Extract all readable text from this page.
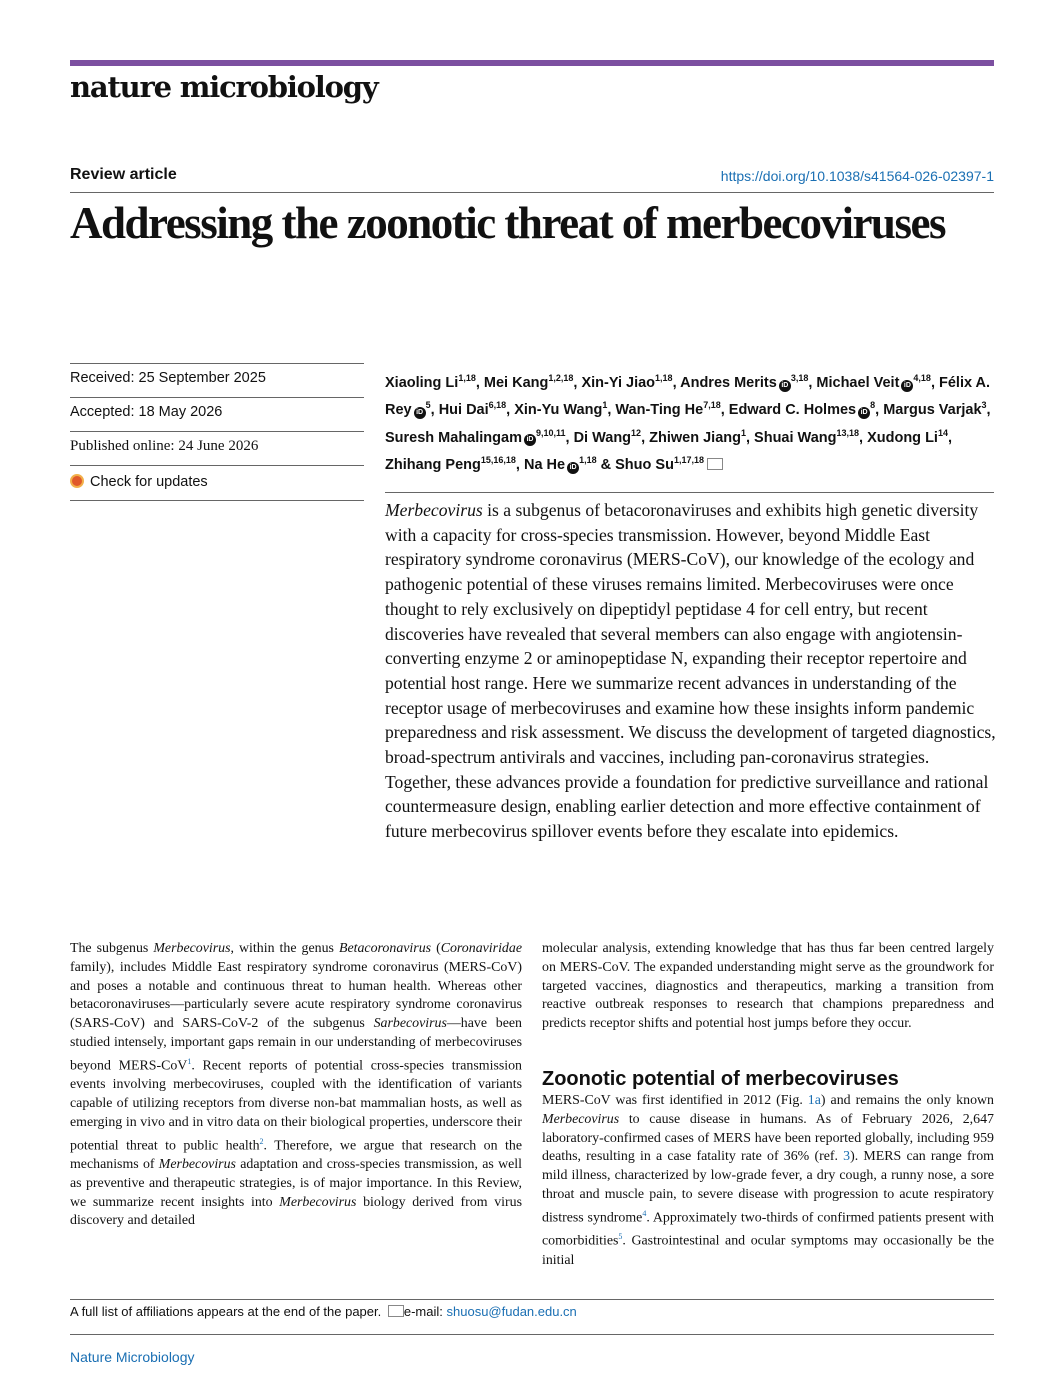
nature microbiology
Review article	https://doi.org/10.1038/s41564-026-02397-1
Addressing the zoonotic threat of merbecoviruses
Received: 25 September 2025
Accepted: 18 May 2026
Published online: 24 June 2026
Check for updates
Xiaoling Li$^{1,18}$, Mei Kang$^{1,2,18}$, Xin-Yi Jiao$^{1,18}$, Andres Merits iD$^{3,18}$, Michael Veit iD$^{4,18}$, Félix A. Rey $iD^5$, Hui Dai$^{6,18}$, Xin-Yu Wang$^1$, Wan-Ting He$^{7,18}$, Edward C. Holmes $iD^8$, Margus Varjak$^3$, Suresh Mahalingam iD$^{9,10,11}$, Di Wang$^{12}$, Zhiwen Jiang$^1$, Shuai Wang$^{13,18}$, Xudong Li$^{14}$, Zhihang Peng$^{15,16,18}$, Na He iD$^{1,18}$ & Shuo Su$^{1,17,18}$
Merbecovirus is a subgenus of betacoronaviruses and exhibits high genetic diversity with a capacity for cross-species transmission. However, beyond Middle East respiratory syndrome coronavirus (MERS-CoV), our knowledge of the ecology and pathogenic potential of these viruses remains limited. Merbecoviruses were once thought to rely exclusively on dipeptidyl peptidase 4 for cell entry, but recent discoveries have revealed that several members can also engage with angiotensin-converting enzyme 2 or aminopeptidase N, expanding their receptor repertoire and potential host range. Here we summarize recent advances in understanding of the receptor usage of merbecoviruses and examine how these insights inform pandemic preparedness and risk assessment. We discuss the development of targeted diagnostics, broad-spectrum antivirals and vaccines, including pan-coronavirus strategies. Together, these advances provide a foundation for predictive surveillance and rational countermeasure design, enabling earlier detection and more effective containment of future merbecovirus spillover events before they escalate into epidemics.
The subgenus Merbecovirus, within the genus Betacoronavirus (Coronaviridae family), includes Middle East respiratory syndrome coronavirus (MERS-CoV) and poses a notable and continuous threat to human health. Whereas other betacoronaviruses—particularly severe acute respiratory syndrome coronavirus (SARS-CoV) and SARS-CoV-2 of the subgenus Sarbecovirus—have been studied intensely, important gaps remain in our understanding of merbecoviruses beyond MERS-CoV$^1$. Recent reports of potential cross-species transmission events involving merbecoviruses, coupled with the identification of variants capable of utilizing receptors from diverse non-bat mammalian hosts, as well as emerging in vivo and in vitro data on their biological properties, underscore their potential threat to public health$^2$. Therefore, we argue that research on the mechanisms of Merbecovirus adaptation and cross-species transmission, as well as preventive and therapeutic strategies, is of major importance. In this Review, we summarize recent insights into Merbecovirus biology derived from virus discovery and detailed
molecular analysis, extending knowledge that has thus far been centred largely on MERS-CoV. The expanded understanding might serve as the groundwork for targeted vaccines, diagnostics and therapeutics, marking a transition from reactive outbreak responses to research that champions preparedness and predicts receptor shifts and potential host jumps before they occur.
Zoonotic potential of merbecoviruses
MERS-CoV was first identified in 2012 (Fig. 1a) and remains the only known Merbecovirus to cause disease in humans. As of February 2026, 2,647 laboratory-confirmed cases of MERS have been reported globally, including 959 deaths, resulting in a case fatality rate of 36% (ref. 3). MERS can range from mild illness, characterized by low-grade fever, a dry cough, a runny nose, a sore throat and muscle pain, to severe disease with progression to acute respiratory distress syndrome$^4$. Approximately two-thirds of confirmed patients present with comorbidities$^5$. Gastrointestinal and ocular symptoms may occasionally be the initial
A full list of affiliations appears at the end of the paper. e-mail: shuosu@fudan.edu.cn
Nature Microbiology
